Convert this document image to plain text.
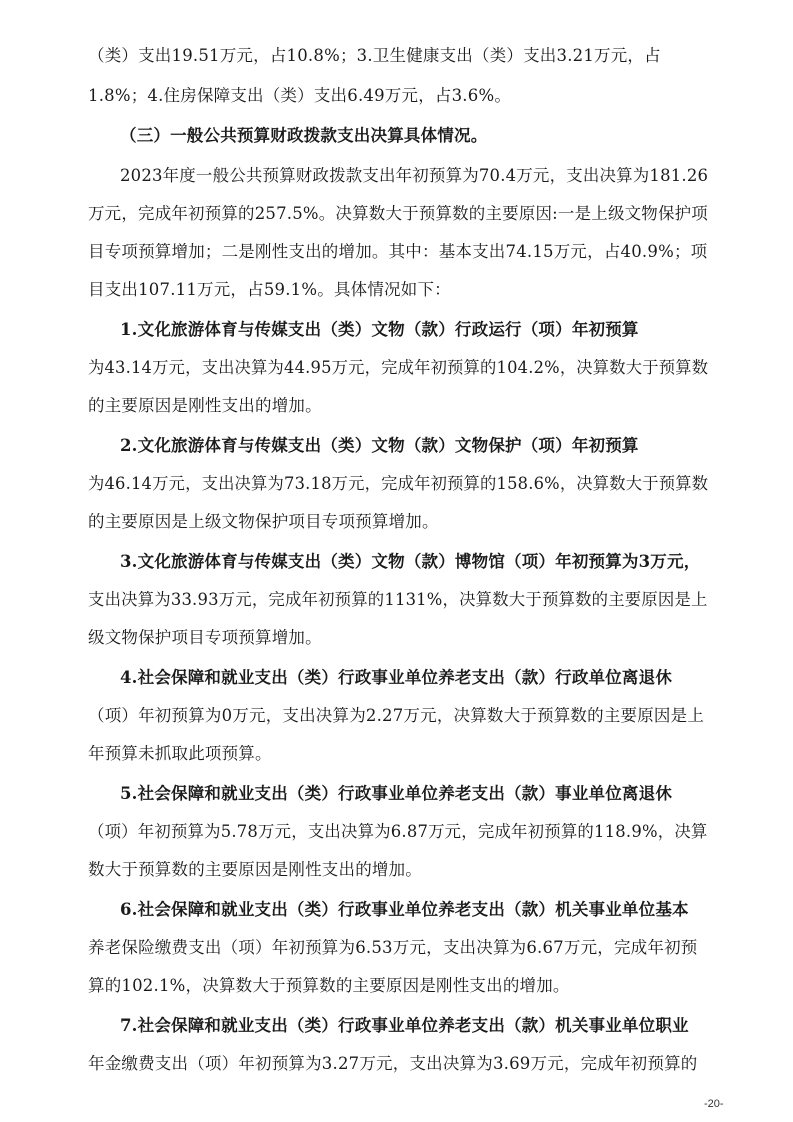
（类）支出19.51万元，占10.8%；3.卫生健康支出（类）支出3.21万元，占
1.8%；4.住房保障支出（类）支出6.49万元，占3.6%。
（三）一般公共预算财政拨款支出决算具体情况。
2023年度一般公共预算财政拨款支出年初预算为70.4万元，支出决算为181.26
万元，完成年初预算的257.5%。决算数大于预算数的主要原因:一是上级文物保护项
目专项预算增加；二是刚性支出的增加。其中：基本支出74.15万元，占40.9%；项
目支出107.11万元，占59.1%。具体情况如下：
1.文化旅游体育与传媒支出（类）文物（款）行政运行（项）年初预算
为43.14万元，支出决算为44.95万元，完成年初预算的104.2%，决算数大于预算数
的主要原因是刚性支出的增加。
2.文化旅游体育与传媒支出（类）文物（款）文物保护（项）年初预算
为46.14万元，支出决算为73.18万元，完成年初预算的158.6%，决算数大于预算数
的主要原因是上级文物保护项目专项预算增加。
3.文化旅游体育与传媒支出（类）文物（款）博物馆（项）年初预算为3万元，
支出决算为33.93万元，完成年初预算的1131%，决算数大于预算数的主要原因是上
级文物保护项目专项预算增加。
4.社会保障和就业支出（类）行政事业单位养老支出（款）行政单位离退休
（项）年初预算为0万元，支出决算为2.27万元，决算数大于预算数的主要原因是上
年预算未抓取此项预算。
5.社会保障和就业支出（类）行政事业单位养老支出（款）事业单位离退休
（项）年初预算为5.78万元，支出决算为6.87万元，完成年初预算的118.9%，决算
数大于预算数的主要原因是刚性支出的增加。
6.社会保障和就业支出（类）行政事业单位养老支出（款）机关事业单位基本
养老保险缴费支出（项）年初预算为6.53万元，支出决算为6.67万元，完成年初预
算的102.1%，决算数大于预算数的主要原因是刚性支出的增加。
7.社会保障和就业支出（类）行政事业单位养老支出（款）机关事业单位职业
年金缴费支出（项）年初预算为3.27万元，支出决算为3.69万元，完成年初预算的
-20-
